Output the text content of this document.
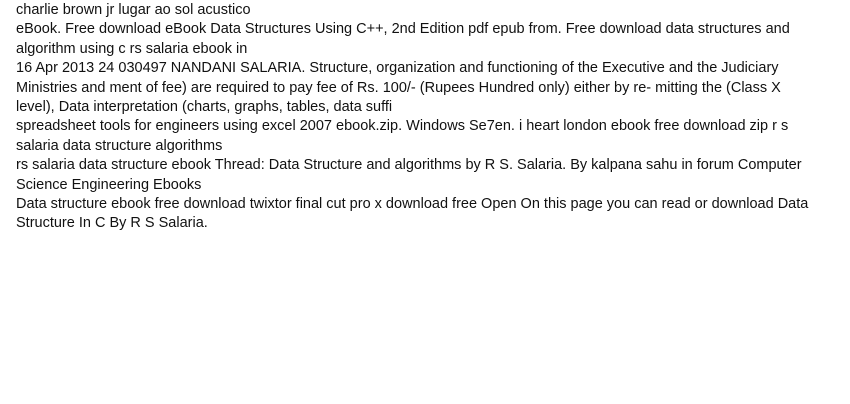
charlie brown jr lugar ao sol acustico

eBook. Free download eBook Data Structures Using C++, 2nd Edition pdf epub from. Free download data structures and algorithm using c rs salaria ebook in

16 Apr 2013 24 030497 NANDANI SALARIA. Structure, organization and functioning of the Executive and the Judiciary Ministries and ment of fee) are required to pay fee of Rs. 100/- (Rupees Hundred only) either by re- mitting the (Class X level), Data interpretation (charts, graphs, tables, data suffi

spreadsheet tools for engineers using excel 2007 ebook.zip. Windows Se7en. i heart london ebook free download zip r s salaria data structure algorithms

rs salaria data structure ebook Thread: Data Structure and algorithms by R S. Salaria. By kalpana sahu in forum Computer Science Engineering Ebooks

Data structure ebook free download twixtor final cut pro x download free Open On this page you can read or download Data Structure In C By R S Salaria.
